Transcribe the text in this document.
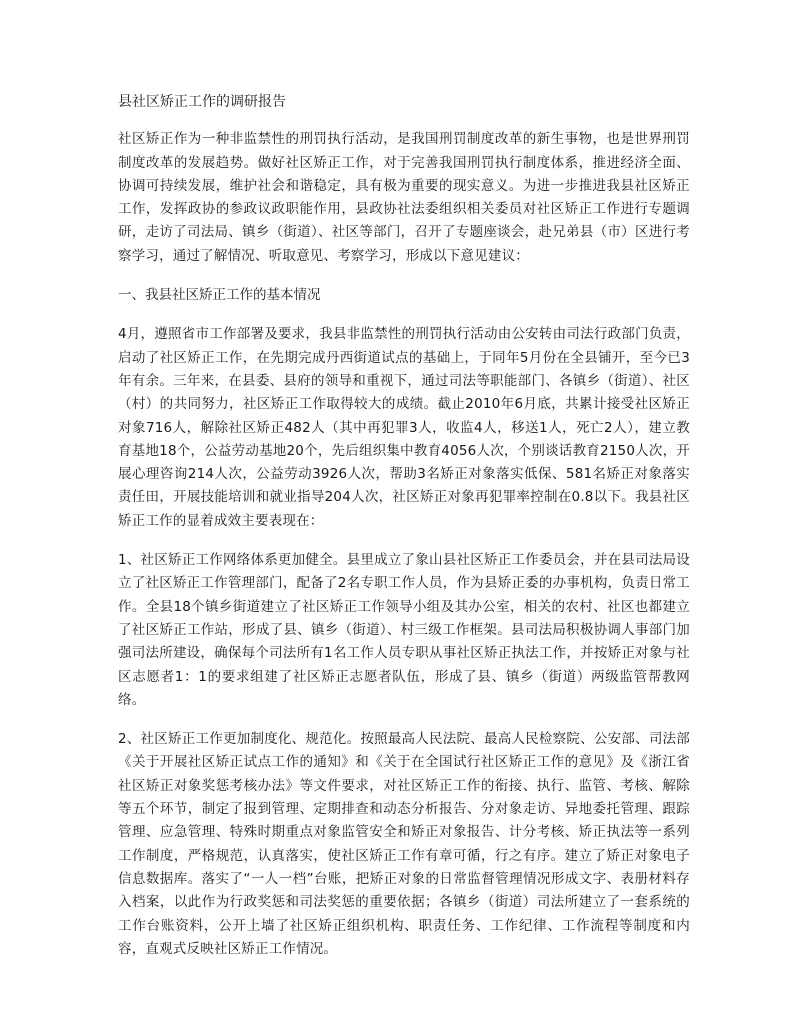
县社区矫正工作的调研报告

社区矫正作为一种非监禁性的刑罚执行活动，是我国刑罚制度改革的新生事物，也是世界刑罚制度改革的发展趋势。做好社区矫正工作，对于完善我国刑罚执行制度体系，推进经济全面、协调可持续发展，维护社会和谐稳定，具有极为重要的现实意义。为进一步推进我县社区矫正工作，发挥政协的参政议政职能作用，县政协社法委组织相关委员对社区矫正工作进行专题调研，走访了司法局、镇乡（街道）、社区等部门，召开了专题座谈会，赴兄弟县（市）区进行考察学习，通过了解情况、听取意见、考察学习，形成以下意见建议：

一、我县社区矫正工作的基本情况

4月，遵照省市工作部署及要求，我县非监禁性的刑罚执行活动由公安转由司法行政部门负责，启动了社区矫正工作，在先期完成丹西街道试点的基础上，于同年5月份在全县铺开，至今已3年有余。三年来，在县委、县府的领导和重视下，通过司法等职能部门、各镇乡（街道）、社区（村）的共同努力，社区矫正工作取得较大的成绩。截止2010年6月底，共累计接受社区矫正对象716人，解除社区矫正482人（其中再犯罪3人，收监4人，移送1人，死亡2人），建立教育基地18个，公益劳动基地20个，先后组织集中教育4056人次，个别谈话教育2150人次，开展心理咨询214人次，公益劳动3926人次，帮助3名矫正对象落实低保、581名矫正对象落实责任田，开展技能培训和就业指导204人次，社区矫正对象再犯罪率控制在0.8以下。我县社区矫正工作的显着成效主要表现在：

1、社区矫正工作网络体系更加健全。县里成立了象山县社区矫正工作委员会，并在县司法局设立了社区矫正工作管理部门，配备了2名专职工作人员，作为县矫正委的办事机构，负责日常工作。全县18个镇乡街道建立了社区矫正工作领导小组及其办公室，相关的农村、社区也都建立了社区矫正工作站，形成了县、镇乡（街道）、村三级工作框架。县司法局积极协调人事部门加强司法所建设，确保每个司法所有1名工作人员专职从事社区矫正执法工作，并按矫正对象与社区志愿者1：1的要求组建了社区矫正志愿者队伍，形成了县、镇乡（街道）两级监管帮教网络。

2、社区矫正工作更加制度化、规范化。按照最高人民法院、最高人民检察院、公安部、司法部《关于开展社区矫正试点工作的通知》和《关于在全国试行社区矫正工作的意见》及《浙江省社区矫正对象奖惩考核办法》等文件要求，对社区矫正工作的衔接、执行、监管、考核、解除等五个环节，制定了报到管理、定期排查和动态分析报告、分对象走访、异地委托管理、跟踪管理、应急管理、特殊时期重点对象监管安全和矫正对象报告、计分考核、矫正执法等一系列工作制度，严格规范，认真落实，使社区矫正工作有章可循，行之有序。建立了矫正对象电子信息数据库。落实了“一人一档”台账，把矫正对象的日常监督管理情况形成文字、表册材料存入档案，以此作为行政奖惩和司法奖惩的重要依据；各镇乡（街道）司法所建立了一套系统的工作台账资料，公开上墙了社区矫正组织机构、职责任务、工作纪律、工作流程等制度和内容，直观式反映社区矫正工作情况。
